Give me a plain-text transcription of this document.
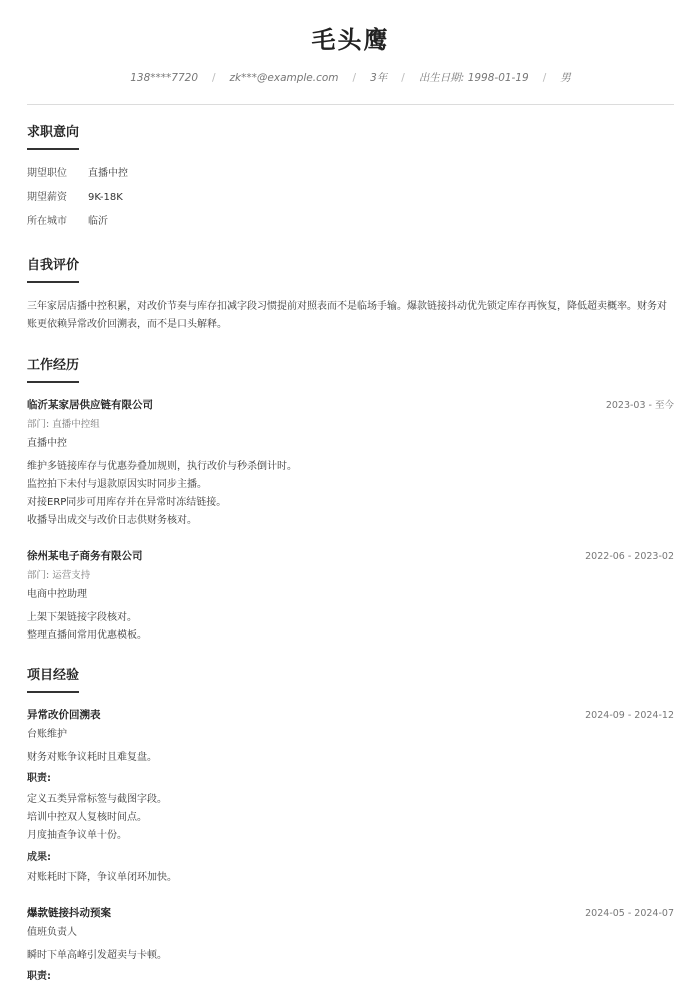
毛头鹰
138****7720 / zk***@example.com / 3年 / 出生日期: 1998-01-19 / 男
求职意向
期望职位 直播中控
期望薪资 9K-18K
所在城市 临沂
自我评价
三年家居店播中控积累，对改价节奏与库存扣减字段习惯提前对照表而不是临场手输。爆款链接抖动优先锁定库存再恢复，降低超卖概率。财务对账更依赖异常改价回溯表，而不是口头解释。
工作经历
临沂某家居供应链有限公司	2023-03 - 至今
部门: 直播中控组
直播中控
维护多链接库存与优惠券叠加规则，执行改价与秒杀倒计时。
监控拍下未付与退款原因实时同步主播。
对接ERP同步可用库存并在异常时冻结链接。
收播导出成交与改价日志供财务核对。
徐州某电子商务有限公司	2022-06 - 2023-02
部门: 运营支持
电商中控助理
上架下架链接字段核对。
整理直播间常用优惠模板。
项目经验
异常改价回溯表	2024-09 - 2024-12
台账维护
财务对账争议耗时且难复盘。
职责:
定义五类异常标签与截图字段。
培训中控双人复核时间点。
月度抽查争议单十份。
成果:
对账耗时下降，争议单闭环加快。
爆款链接抖动预案	2024-05 - 2024-07
值班负责人
瞬时下单高峰引发超卖与卡顿。
职责:
